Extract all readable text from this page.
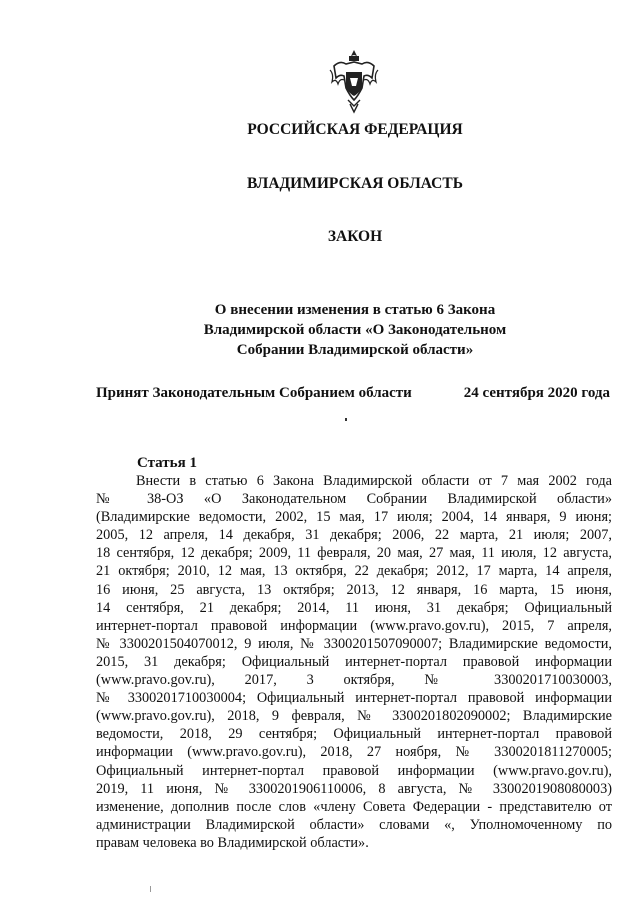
РОССИЙСКАЯ ФЕДЕРАЦИЯ
ВЛАДИМИРСКАЯ ОБЛАСТЬ
ЗАКОН
О внесении изменения в статью 6 Закона
Владимирской области «О Законодательном
Собрании Владимирской области»
Принят Законодательным Собранием области	24 сентября 2020 года
Статья 1
Внести в статью 6 Закона Владимирской области от 7 мая 2002 года
№ 38-ОЗ «О Законодательном Собрании Владимирской области»
(Владимирские ведомости, 2002, 15 мая, 17 июля; 2004, 14 января, 9 июня;
2005, 12 апреля, 14 декабря, 31 декабря; 2006, 22 марта, 21 июля; 2007,
18 сентября, 12 декабря; 2009, 11 февраля, 20 мая, 27 мая, 11 июля, 12 августа,
21 октября; 2010, 12 мая, 13 октября, 22 декабря; 2012, 17 марта, 14 апреля,
16 июня, 25 августа, 13 октября; 2013, 12 января, 16 марта, 15 июня,
14 сентября, 21 декабря; 2014, 11 июня, 31 декабря; Официальный
интернет-портал правовой информации (www.pravo.gov.ru), 2015, 7 апреля,
№ 3300201504070012, 9 июля, № 3300201507090007; Владимирские ведомости,
2015, 31 декабря; Официальный интернет-портал правовой информации
(www.pravo.gov.ru), 2017, 3 октября, № 3300201710030003,
№ 3300201710030004; Официальный интернет-портал правовой информации
(www.pravo.gov.ru), 2018, 9 февраля, № 3300201802090002; Владимирские
ведомости, 2018, 29 сентября; Официальный интернет-портал правовой
информации (www.pravo.gov.ru), 2018, 27 ноября, № 3300201811270005;
Официальный интернет-портал правовой информации (www.pravo.gov.ru),
2019, 11 июня, № 3300201906110006, 8 августа, № 3300201908080003)
изменение, дополнив после слов «члену Совета Федерации - представителю от
администрации Владимирской области» словами «, Уполномоченному по
правам человека во Владимирской области».
